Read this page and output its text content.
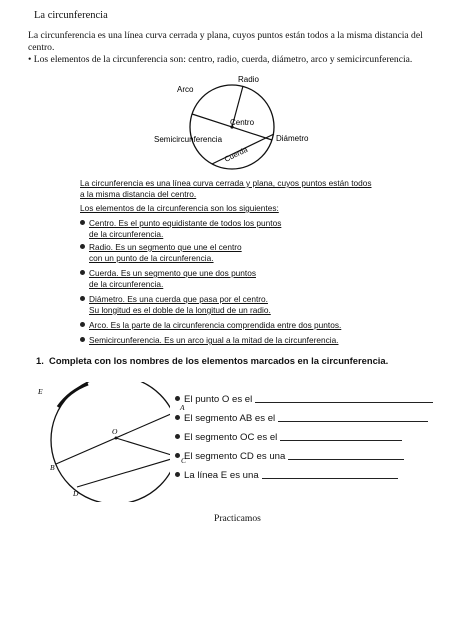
La circunferencia
La circunferencia es una línea curva cerrada y plana, cuyos puntos están todos a la misma distancia del centro.
• Los elementos de la circunferencia son: centro, radio, cuerda, diámetro, arco y semicircunferencia.
Radio
Arco
Centro
Semicircunferencia	Diámetro
Cuerda
La circunferencia es una línea curva cerrada y plana, cuyos puntos están todos
a la misma distancia del centro.
Los elementos de la circunferencia son los siguientes:
Centro. Es el punto equidistante de todos los puntos
de la circunferencia.
Radio. Es un segmento que une el centro
con un punto de la circunferencia.
Cuerda. Es un segmento que une dos puntos
de la circunferencia.
Diámetro. Es una cuerda que pasa por el centro.
Su longitud es el doble de la longitud de un radio.
Arco. Es la parte de la circunferencia comprendida entre dos puntos.
Semicircunferencia. Es un arco igual a la mitad de la circunferencia.
1. Completa con los nombres de los elementos marcados en la circunferencia.
E
O
B
D
A
C
El punto O es el
El segmento AB es el
El segmento OC es el
El segmento CD es una
La línea E es una
Practicamos
